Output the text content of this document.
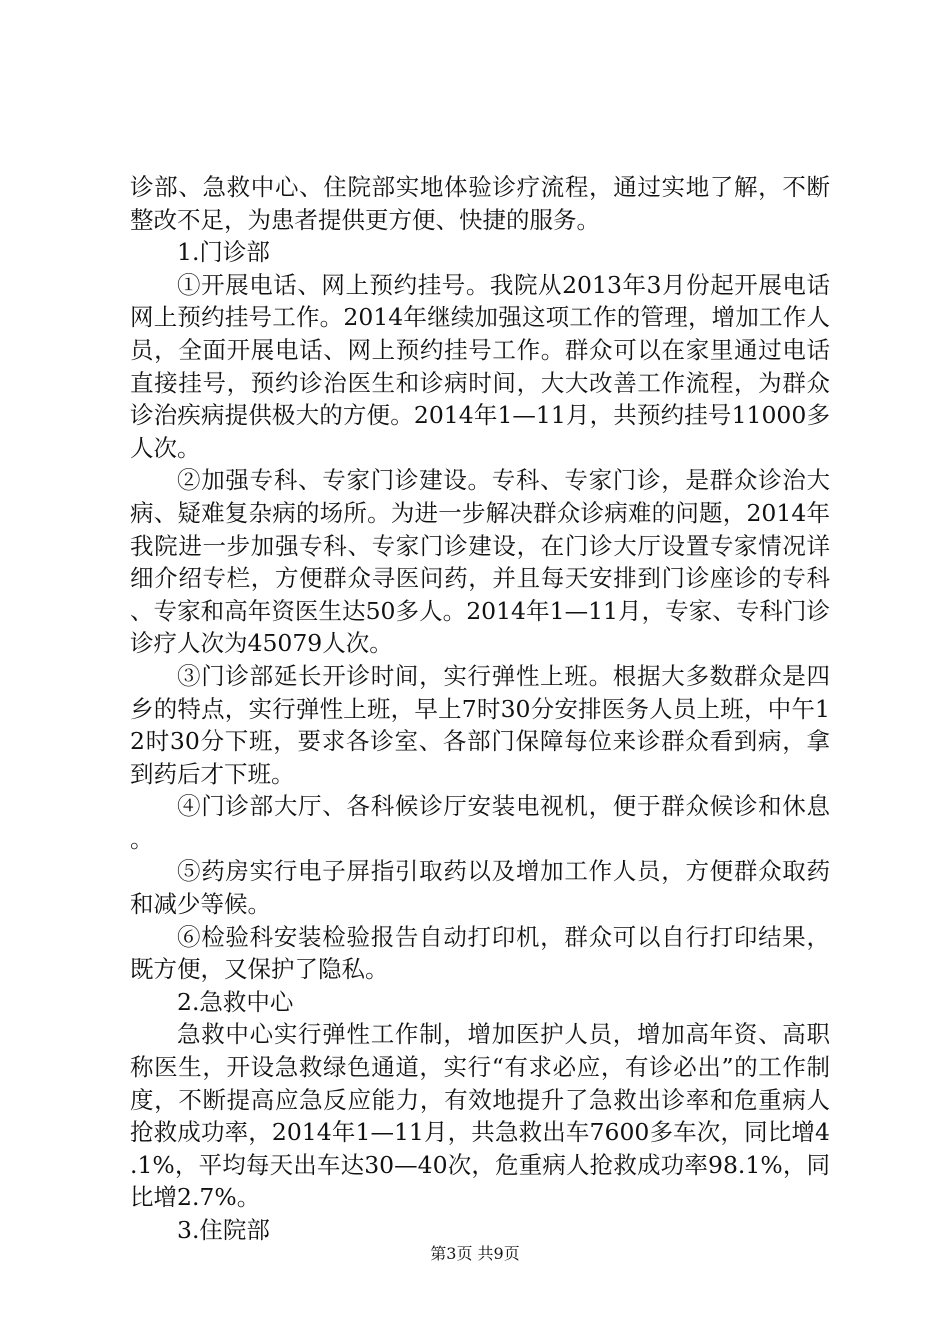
诊部、急救中心、住院部实地体验诊疗流程，通过实地了解，不断整改不足，为患者提供更方便、快捷的服务。

1.门诊部

①开展电话、网上预约挂号。我院从2013年3月份起开展电话网上预约挂号工作。2014年继续加强这项工作的管理，增加工作人员，全面开展电话、网上预约挂号工作。群众可以在家里通过电话直接挂号，预约诊治医生和诊病时间，大大改善工作流程，为群众诊治疾病提供极大的方便。2014年1—11月，共预约挂号11000多人次。

②加强专科、专家门诊建设。专科、专家门诊，是群众诊治大病、疑难复杂病的场所。为进一步解决群众诊病难的问题，2014年我院进一步加强专科、专家门诊建设，在门诊大厅设置专家情况详细介绍专栏，方便群众寻医问药，并且每天安排到门诊座诊的专科、专家和高年资医生达50多人。2014年1—11月，专家、专科门诊诊疗人次为45079人次。

③门诊部延长开诊时间，实行弹性上班。根据大多数群众是四乡的特点，实行弹性上班，早上7时30分安排医务人员上班，中午12时30分下班，要求各诊室、各部门保障每位来诊群众看到病，拿到药后才下班。

④门诊部大厅、各科候诊厅安装电视机，便于群众候诊和休息。

⑤药房实行电子屏指引取药以及增加工作人员，方便群众取药和减少等候。

⑥检验科安装检验报告自动打印机，群众可以自行打印结果，既方便，又保护了隐私。

2.急救中心

急救中心实行弹性工作制，增加医护人员，增加高年资、高职称医生，开设急救绿色通道，实行“有求必应，有诊必出”的工作制度，不断提高应急反应能力，有效地提升了急救出诊率和危重病人抢救成功率，2014年1—11月，共急救出车7600多车次，同比增4.1%，平均每天出车达30—40次，危重病人抢救成功率98.1%，同比增2.7%。

3.住院部

第3页 共9页
